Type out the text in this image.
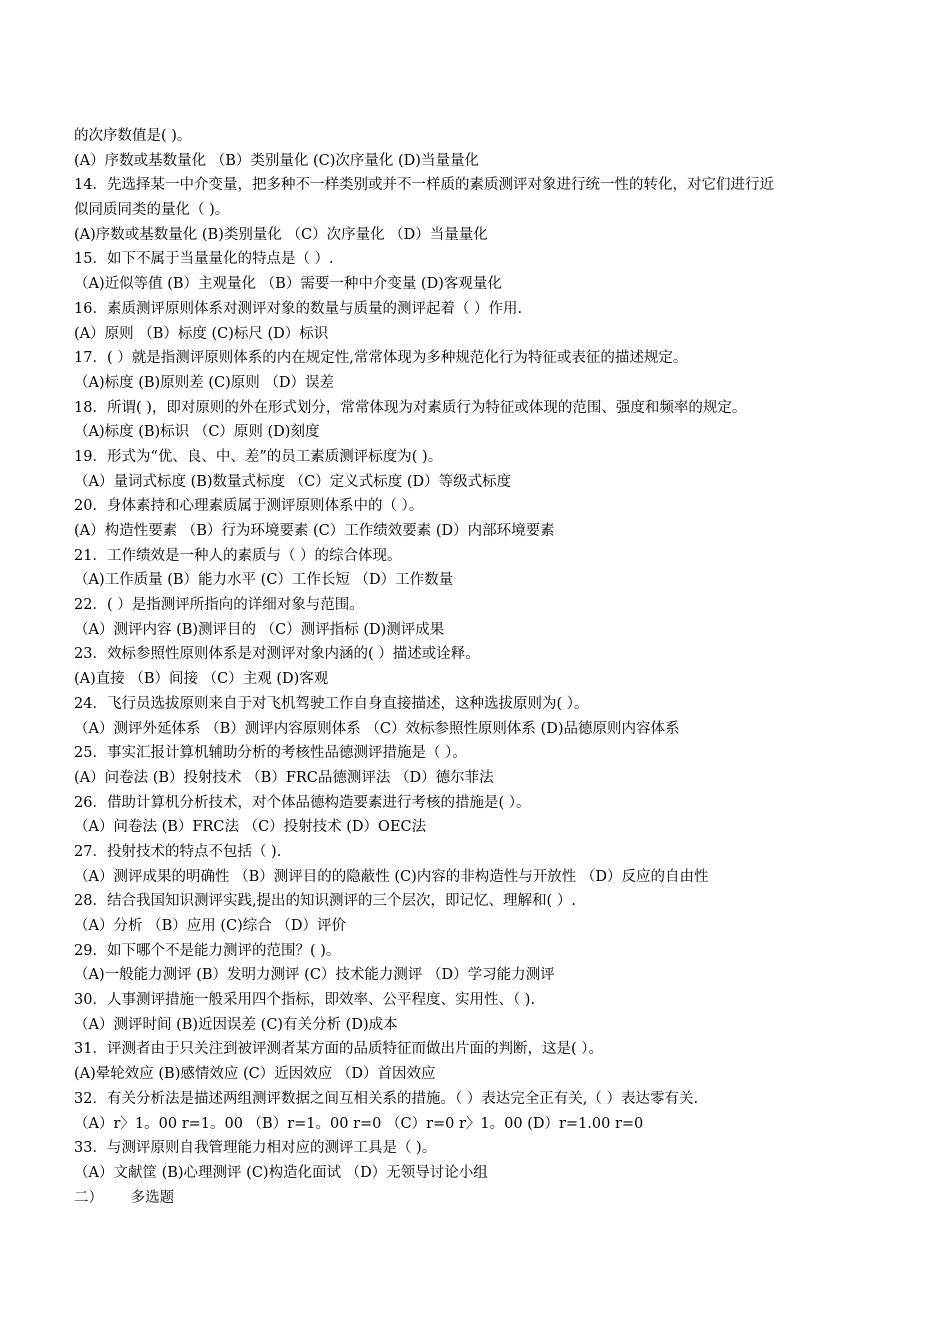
的次序数值是( )。
(A）序数或基数量化 （B）类别量化 (C)次序量化 (D)当量量化
14．先选择某一中介变量，把多种不一样类别或并不一样质的素质测评对象进行统一性的转化，对它们进行近
似同质同类的量化（ )。
(A)序数或基数量化 (B)类别量化 （C）次序量化 （D）当量量化
15．如下不属于当量量化的特点是（ ）.
（A)近似等值 (B）主观量化 （B）需要一种中介变量 (D)客观量化
16．素质测评原则体系对测评对象的数量与质量的测评起着（ ）作用.
(A）原则 （B）标度 (C)标尺 (D）标识
17．( ）就是指测评原则体系的内在规定性,常常体现为多种规范化行为特征或表征的描述规定。
（A)标度 (B)原则差 (C)原则 （D）误差
18．所谓( )，即对原则的外在形式划分，常常体现为对素质行为特征或体现的范围、强度和频率的规定。
（A)标度 (B)标识 （C）原则 (D)刻度
19．形式为“优、良、中、差”的员工素质测评标度为( )。
（A）量词式标度 (B)数量式标度 （C）定义式标度 (D）等级式标度
20．身体素持和心理素质属于测评原则体系中的（ ）。
(A）构造性要素 （B）行为环境要素 (C）工作绩效要素 (D）内部环境要素
21．工作绩效是一种人的素质与（ ）的综合体现。
（A)工作质量 (B）能力水平 (C）工作长短 （D）工作数量
22．( ）是指测评所指向的详细对象与范围。
（A）测评内容 (B)测评目的 （C）测评指标 (D)测评成果
23．效标参照性原则体系是对测评对象内涵的( ）描述或诠释。
(A)直接 （B）间接 （C）主观 (D)客观
24．飞行员选拔原则来自于对飞机驾驶工作自身直接描述，这种选拔原则为( ）。
（A）测评外延体系 （B）测评内容原则体系 （C）效标参照性原则体系 (D)品德原则内容体系
25．事实汇报计算机辅助分析的考核性品德测评措施是（ ）。
(A）问卷法 (B）投射技术 （B）FRC品德测评法 （D）德尔菲法
26．借助计算机分析技术，对个体品德构造要素进行考核的措施是( ）。
（A）问卷法 (B）FRC法 （C）投射技术 (D）OEC法
27．投射技术的特点不包括（ ).
（A）测评成果的明确性 （B）测评目的的隐蔽性 (C)内容的非构造性与开放性 （D）反应的自由性
28．结合我国知识测评实践,提出的知识测评的三个层次，即记忆、理解和( ）.
（A）分析 （B）应用 (C)综合 （D）评价
29．如下哪个不是能力测评的范围？( )。
（A)一般能力测评 (B）发明力测评 (C）技术能力测评 （D）学习能力测评
30．人事测评措施一般采用四个指标，即效率、公平程度、实用性、（ ).
（A）测评时间 (B)近因误差 (C)有关分析 (D)成本
31．评测者由于只关注到被评测者某方面的品质特征而做出片面的判断，这是( ）。
(A)晕轮效应 (B)感情效应 (C）近因效应 （D）首因效应
32．有关分析法是描述两组测评数据之间互相关系的措施。（ ）表达完全正有关,（ ）表达零有关.
（A）r〉1。00 r=1。00 （B）r=1。00 r=0 （C）r=0 r〉1。00 (D）r=1.00 r=0
33．与测评原则自我管理能力相对应的测评工具是（ )。
（A）文献筐 (B)心理测评 (C)构造化面试 （D）无领导讨论小组
二）      多选题
